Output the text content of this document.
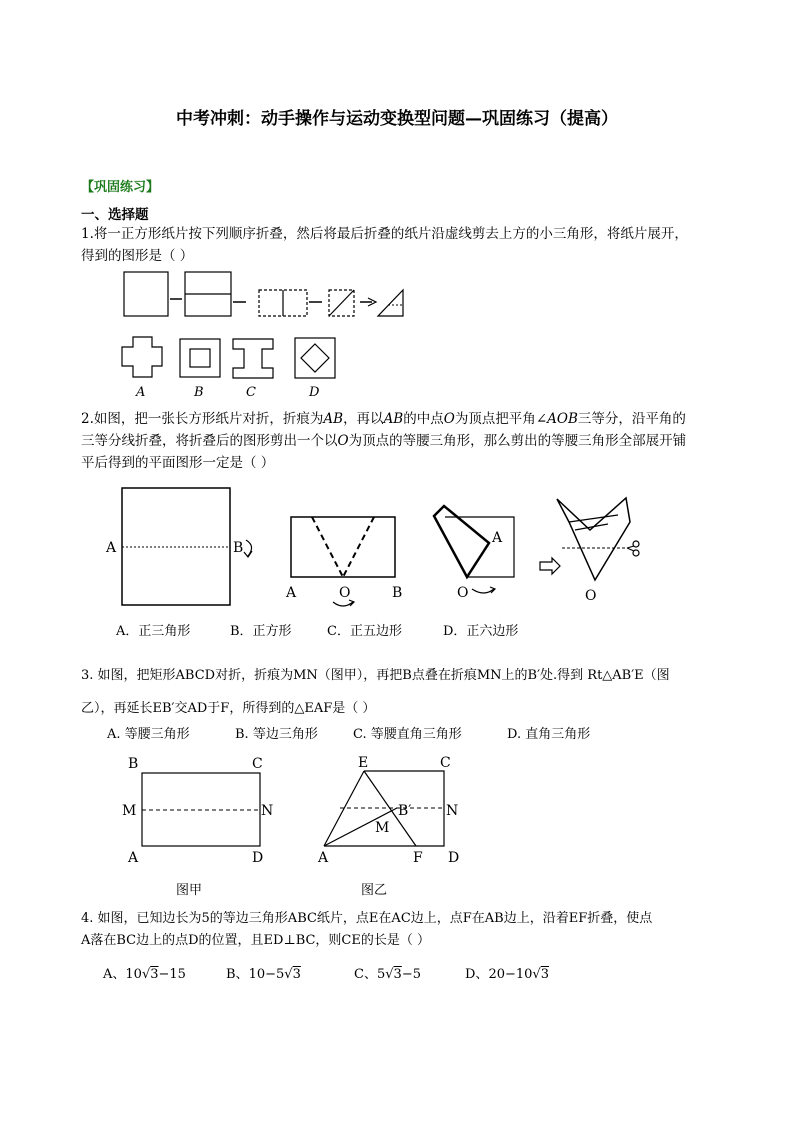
中考冲刺：动手操作与运动变换型问题—巩固练习（提高）
【巩固练习】
一、选择题
1.将一正方形纸片按下列顺序折叠，然后将最后折叠的纸片沿虚线剪去上方的小三角形，将纸片展开，
得到的图形是（ ）
A	B	C	D
2.如图，把一张长方形纸片对折，折痕为AB，再以AB的中点O为顶点把平角∠AOB三等分，沿平角的
三等分线折叠，将折叠后的图形剪出一个以O为顶点的等腰三角形，那么剪出的等腰三角形全部展开铺
平后得到的平面图形一定是（ ）
A	B
A	O	B
A
O	O
A．正三角形	B．正方形	C．正五边形	D．正六边形
3. 如图，把矩形ABCD对折，折痕为MN（图甲），再把B点叠在折痕MN上的B′处.得到 Rt△AB′E（图
乙），再延长EB′交AD于F，所得到的△EAF是（ ）
A. 等腰三角形	B. 等边三角形	C. 等腰直角三角形	D. 直角三角形
B	C
M	N
A	D
图甲
E	C
B′ N
M
A	F D
图乙
4. 如图，已知边长为5的等边三角形ABC纸片，点E在AC边上，点F在AB边上，沿着EF折叠，使点
A落在BC边上的点D的位置，且ED⊥BC，则CE的长是（ ）
A、10√3−15	B、10−5√3	C、5√3−5	D、20−10√3
